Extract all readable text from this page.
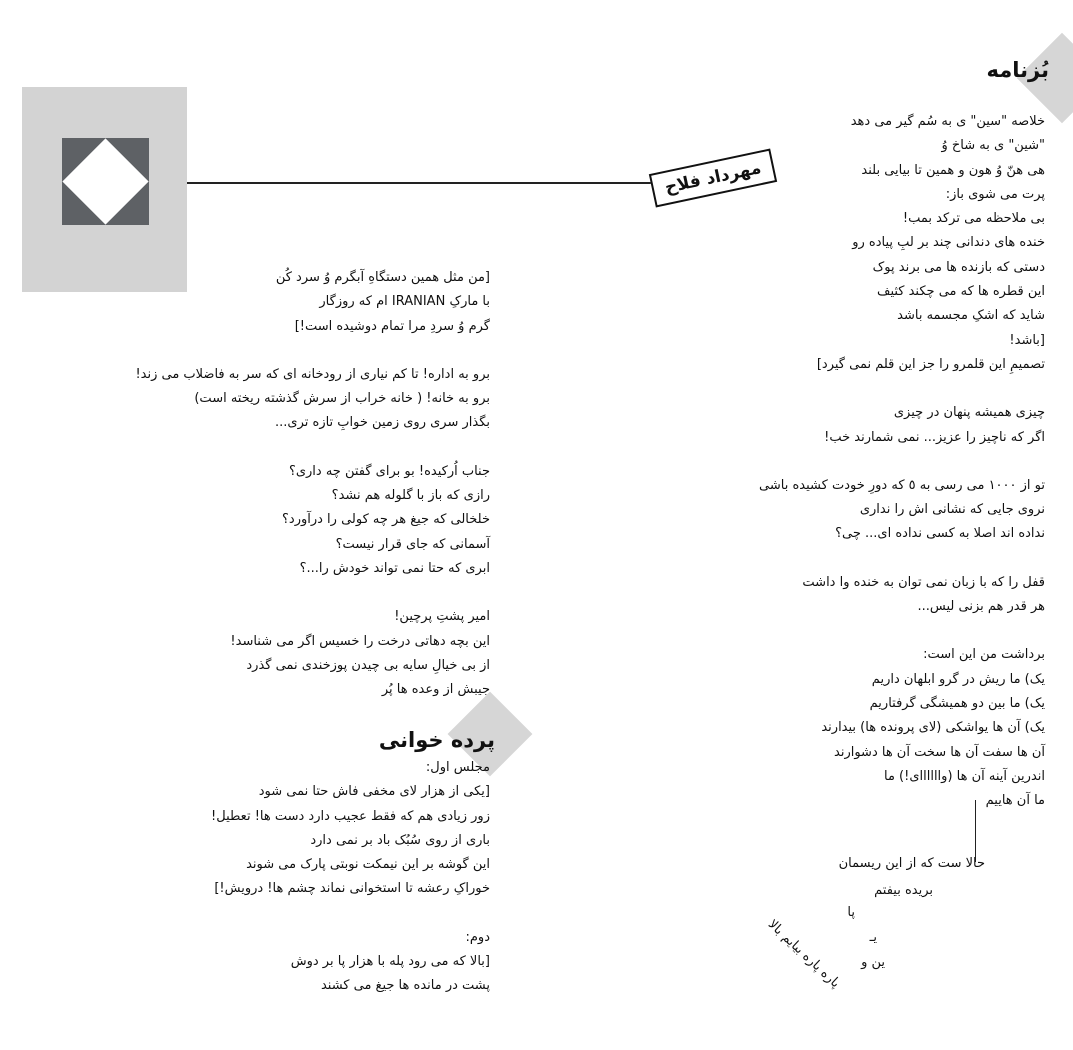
مهرداد فلاح
بُزنامه
خلاصه "سین" ی به سُم گیر می دهد
"شین" ی به شاخ وُ
هی هنّ وُ هون و همین تا بیایی بلند
پرت می شوی باز:
بی ملاحظه می ترکد بمب!
خنده های دندانی چند بر لبِ پیاده رو
دستی که بازنده ها می برند پوک
این قطره ها که می چکند کثیف
شاید که اشکِ مجسمه باشد
[باشد!
تصمیمِ این قلمرو را جز این قلم نمی گیرد]
چیزی همیشه پنهان در چیزی
اگر که ناچیز را عزیز... نمی شمارند خب!
تو از ۱۰۰۰ می رسی به ٥ که دورِ خودت کشیده باشی
نروی جایی که نشانی اش را نداری
نداده اند اصلا به کسی نداده ای... چی؟
قفل را که با زبان نمی توان به خنده وا داشت
هر قدر هم بزنی لیس...
برداشت من این است:
یک) ما ریش در گرو ابلهان داریم
یک) ما بین دو همیشگی گرفتاریم
یک) آن ها یواشکی (لای پرونده ها) بیدارند
آن ها سفت آن ها سخت آن ها دشوارند
اندرین آینه آن ها (واااااای!) ما
ما آن هاییم
حالا ست که از این ریسمان
بریده بیفتم
پا
یـ
ین و
پاره پاره بیایم بالا
[من مثل همین دستگاهِ آبگرم وُ سرد کُن
با مارکِ IRANIAN ام که روزگار
گرم وُ سردِ مرا تمام دوشیده است!]
برو به اداره! تا کم نیاری از رودخانه ای که سر به فاضلاب می زند!
برو به خانه! ( خانه خراب از سرش گذشته ریخته است)
بگذار سری روی زمین خوابِ تازه تری...
جناب اُرکیده! بو برای گفتن چه داری؟
رازی که باز با گلوله هم نشد؟
خلخالی که جیغ هر چه کولی را درآورد؟
آسمانی که جای قرار نیست؟
ابری که حتا نمی تواند خودش را...؟
امیر پشتِ پرچین!
این بچه دهاتی درخت را خسیس اگر می شناسد!
از بی خیالِ سایه بی چیدن پوزخندی نمی گذرد
جیبش از وعده ها پُر
پرده خوانی
مجلس اول:
[یکی از هزار لای مخفی فاش حتا نمی شود
زور زیادی هم که فقط عجیب دارد دست ها! تعطیل!
باری از روی سُبُک باد بر نمی دارد
این گوشه بر این نیمکت نوبتی پارک می شوند
خوراکِ رعشه تا استخوانی نماند چشم ها! درویش!]
دوم:
[بالا که می رود پله با هزار پا بر دوش
پشت در مانده ها جیغ می کشند
